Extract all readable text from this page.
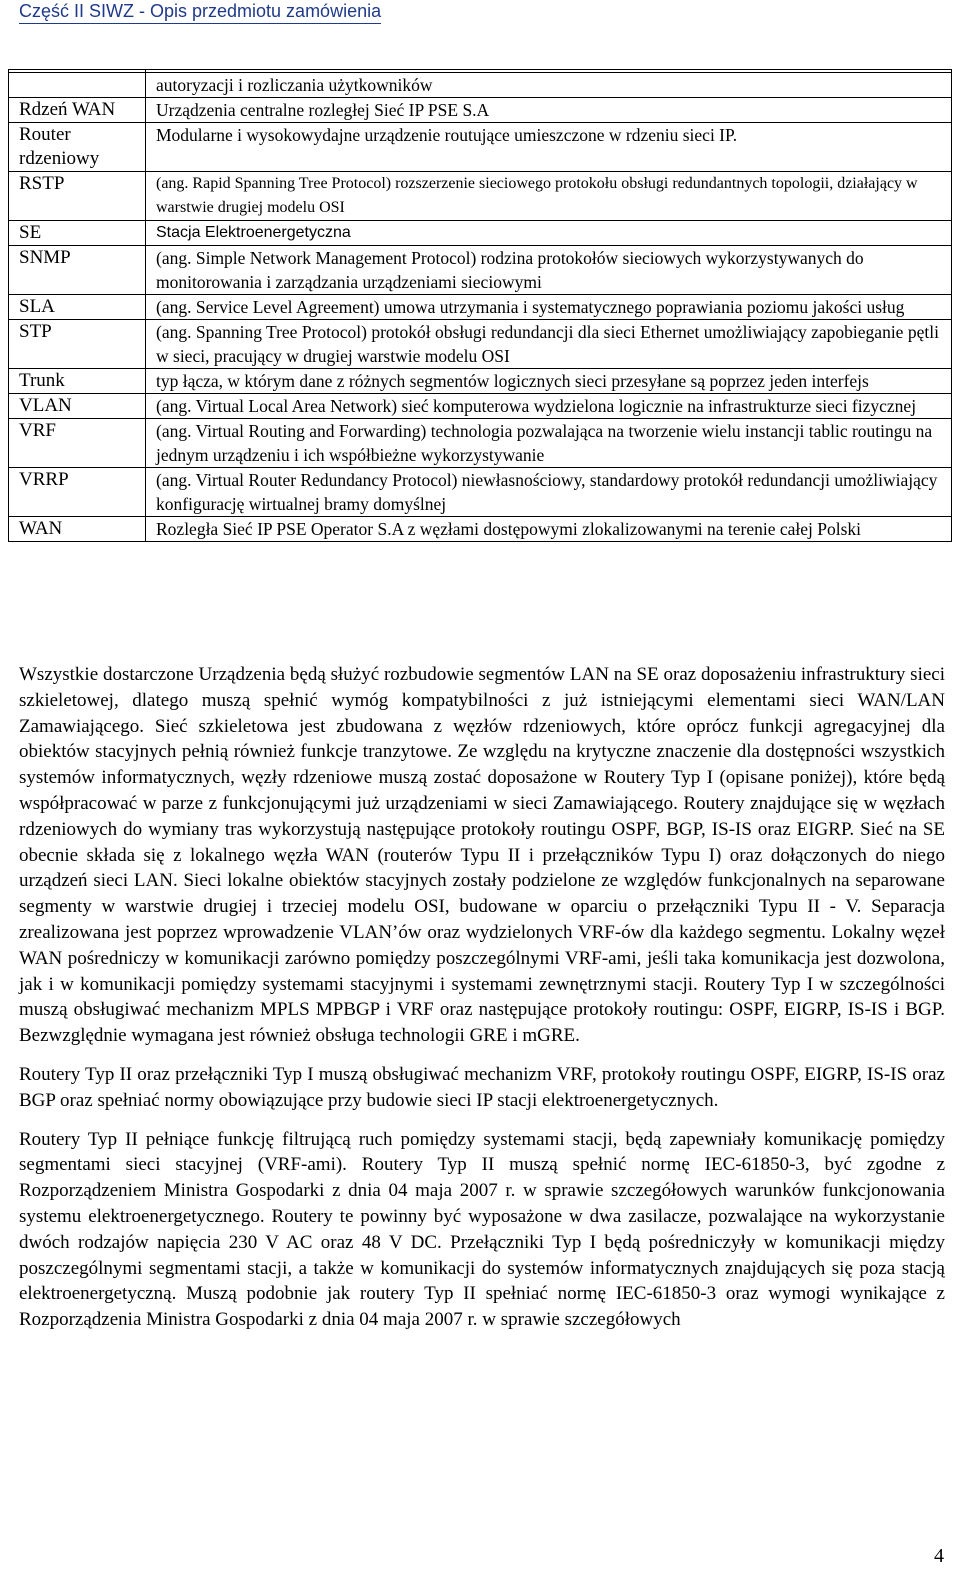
Część II SIWZ - Opis przedmiotu zamówienia

	autoryzacji i rozliczania użytkowników
Rdzeń WAN	Urządzenia centralne rozległej Sieć IP PSE S.A
Router rdzeniowy	Modularne i wysokowydajne urządzenie routujące umieszczone w rdzeniu sieci IP.
RSTP	(ang. Rapid Spanning Tree Protocol) rozszerzenie sieciowego protokołu obsługi redundantnych topologii, działający w warstwie drugiej modelu OSI
SE	Stacja Elektroenergetyczna
SNMP	(ang. Simple Network Management Protocol) rodzina protokołów sieciowych wykorzystywanych do monitorowania i zarządzania urządzeniami sieciowymi
SLA	(ang. Service Level Agreement) umowa utrzymania i systematycznego poprawiania poziomu jakości usług
STP	(ang. Spanning Tree Protocol) protokół obsługi redundancji dla sieci Ethernet umożliwiający zapobieganie pętli w sieci, pracujący w drugiej warstwie modelu OSI
Trunk	typ łącza, w którym dane z różnych segmentów logicznych sieci przesyłane są poprzez jeden interfejs
VLAN	(ang. Virtual Local Area Network) sieć komputerowa wydzielona logicznie na infrastrukturze sieci fizycznej
VRF	(ang. Virtual Routing and Forwarding) technologia pozwalająca na tworzenie wielu instancji tablic routingu na jednym urządzeniu i ich współbieżne wykorzystywanie
VRRP	(ang. Virtual Router Redundancy Protocol) niewłasnościowy, standardowy protokół redundancji umożliwiający konfigurację wirtualnej bramy domyślnej
WAN	Rozległa Sieć IP PSE Operator S.A z węzłami dostępowymi zlokalizowanymi na terenie całej Polski

Wszystkie dostarczone Urządzenia będą służyć rozbudowie segmentów LAN na SE oraz doposażeniu infrastruktury sieci szkieletowej, dlatego muszą spełnić wymóg kompatybilności z już istniejącymi elementami sieci WAN/LAN Zamawiającego. Sieć szkieletowa jest zbudowana z węzłów rdzeniowych, które oprócz funkcji agregacyjnej dla obiektów stacyjnych pełnią również funkcje tranzytowe. Ze względu na krytyczne znaczenie dla dostępności wszystkich systemów informatycznych, węzły rdzeniowe muszą zostać doposażone w Routery Typ I (opisane poniżej), które będą współpracować w parze z funkcjonującymi już urządzeniami w sieci Zamawiającego. Routery znajdujące się w węzłach rdzeniowych do wymiany tras wykorzystują następujące protokoły routingu OSPF, BGP, IS-IS oraz EIGRP. Sieć na SE obecnie składa się z lokalnego węzła WAN (routerów Typu II i przełączników Typu I) oraz dołączonych do niego urządzeń sieci LAN. Sieci lokalne obiektów stacyjnych zostały podzielone ze względów funkcjonalnych na separowane segmenty w warstwie drugiej i trzeciej modelu OSI, budowane w oparciu o przełączniki Typu II - V. Separacja zrealizowana jest poprzez wprowadzenie VLAN’ów oraz wydzielonych VRF-ów dla każdego segmentu. Lokalny węzeł WAN pośredniczy w komunikacji zarówno pomiędzy poszczególnymi VRF-ami, jeśli taka komunikacja jest dozwolona, jak i w komunikacji pomiędzy systemami stacyjnymi i systemami zewnętrznymi stacji. Routery Typ I w szczególności muszą obsługiwać mechanizm MPLS MPBGP i VRF oraz następujące protokoły routingu: OSPF, EIGRP, IS-IS i BGP. Bezwzględnie wymagana jest również obsługa technologii GRE i mGRE.

Routery Typ II oraz przełączniki Typ I muszą obsługiwać mechanizm VRF, protokoły routingu OSPF, EIGRP, IS-IS oraz BGP oraz spełniać normy obowiązujące przy budowie sieci IP stacji elektroenergetycznych.

Routery Typ II pełniące funkcję filtrującą ruch pomiędzy systemami stacji, będą zapewniały komunikację pomiędzy segmentami sieci stacyjnej (VRF-ami). Routery Typ II muszą spełnić normę IEC-61850-3, być zgodne z Rozporządzeniem Ministra Gospodarki z dnia 04 maja 2007 r. w sprawie szczegółowych warunków funkcjonowania systemu elektroenergetycznego. Routery te powinny być wyposażone w dwa zasilacze, pozwalające na wykorzystanie dwóch rodzajów napięcia 230 V AC oraz 48 V DC. Przełączniki Typ I będą pośredniczyły w komunikacji między poszczególnymi segmentami stacji, a także w komunikacji do systemów informatycznych znajdujących się poza stacją elektroenergetyczną. Muszą podobnie jak routery Typ II spełniać normę IEC-61850-3 oraz wymogi wynikające z Rozporządzenia Ministra Gospodarki z dnia 04 maja 2007 r. w sprawie szczegółowych

4
